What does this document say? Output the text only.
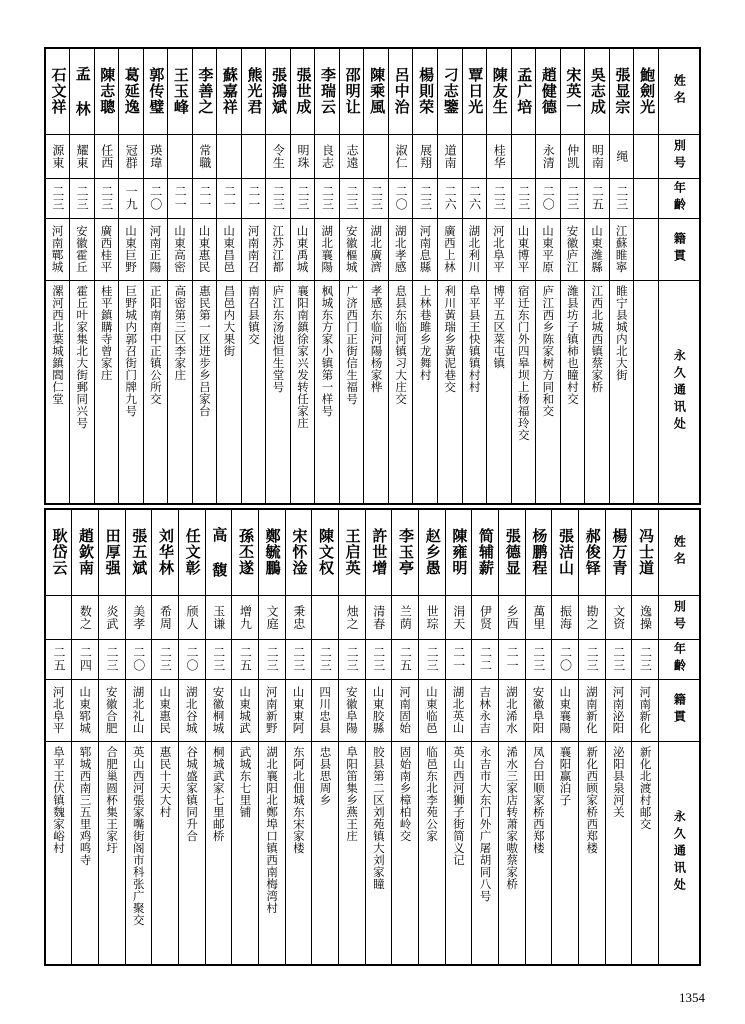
石文祥	孟 林	陳志聰	葛延逸	郭传璧	王玉峰	李善之	蘇嘉祥	熊光君	張鴻斌	張世成	李瑞云	邵明让	陳乘風	呂中治	楊則荣	刁志鑒	覃日光	陳友生	孟广培	趙健德	宋英一	吳志成	張显宗	鮑劍光	姓名

源東	耀東	任西	冠群	瑛瑋		常職			令生	明珠	良志	志遠		淑仁	展翔	道南		桂华		永清	仲凯	明南	绳		別号

二三	二三	二三	一九	二〇	二一	二一	二一	二一	二三	二三	二三	二三	二三	二〇	二三	二六	二六	二三	二三	二〇	二三	二五	二三		年齡

河南鄲城	安徽霍丘	廣西桂平	山東巨野	河南正陽	山東高密	山東惠民	山東昌邑	河南南召	江苏江都	山東禹城	湖北襄陽	安徽樞城	湖北廣濟	湖北孝感	河南息縣	廣西上林	湖北利川	河北阜平	山東博平	山東平原	安徽庐江	山東潍縣	江蘇睢寧		籍貫

漯河西北葉城鎮閻仁堂	霍丘叶家集北大街郵同兴号	桂平鎮購寺曾家庄	巨野城内郭召街门牌九号	正阳南南中正镇公所交	高密第三区李家庄	惠民第一区进步乡吕家台	昌邑内大果街	南召县镇交	庐江东汤池恒生堂号	襄阳南鎮徐家兴发转任家庄	枫城东方家小镇第一样号	广济西门正街信生福号	孝感东临河陽杨家桦	息县东临河镇习大庄交	上林巷雎乡龙舞村	利川黃瑞乡黃泥巷交	阜平县王快镇镇村村	博平五区菜屯镇	宿迁东门外四皋坝上杨福玲交	庐江西乡陈家树方同和交	潍县坊子镇柿也瞳村交	江西北城西镇蔡家桥	睢宁县城内北大街		永久通讯处
耿岱云	趙欽南	田厚强	張五斌	刘华林	任文彰	高 馥	孫丕遂	鄭毓鵬	宋怀淦	陳文权	王启英	許世增	李玉亭	赵乡愚	陳雍明	简辅薪	張德显	杨鹏程	張洁山	郝俊铎	楊万青	冯士道	姓名

	数之	炎武	美孝	希周	颀人	玉谦	增九	文庭	秉忠		烛之	清春	兰荫	世琮	涓天	伊贤	乡西	萬里	振海	勘之	文资	逸操	別号

二五	二四	二三	二〇	二三	二〇	二三	二五	二三	二三	二三	二三	二三	二五	二三	二一	二二	二一	二三	二〇	二三	二三	二三	年齡

河北阜平	山東郓城	安徽合肥	湖北礼山	山東惠民	湖北谷城	安徽桐城	山東城武	河南新野	山東東阿	四川忠县	安徽阜陽	山東胶縣	河南固始	山東临邑	湖北英山	吉林永吉	湖北浠水	安徽阜阳	山東襄陽	湖南新化	河南泌阳	河南新化	籍貫

阜平王伏镇魏家峪村	郓城西南三五里鸡鸣寺	合肥巢圆杯集王家圩	英山西河張家嘴街阁市科张广聚交	惠民十天大村	谷城盛家镇同升合	桐城武家七里邮桥	武城东七里铺	湖北襄阳北鄭埠口镇西南梅湾村	东阿北佃城东宋家楼	忠县思周乡	阜阳笛集乡燕王庄	胶县第二区刘苑镇大刘家瞳	固始南乡樟柏岭交	临邑东北李苑公家	英山西河狮子街简义记	永吉市大东门外广屠胡同八号	浠水三家店转萧家嗷蔡家桥	凤台田顺家桥西郑楼	襄阳赢泊子	新化西顾家桥西郑楼	泌阳县泉河关	新化北渡村邮交	永久通讯处
1354
